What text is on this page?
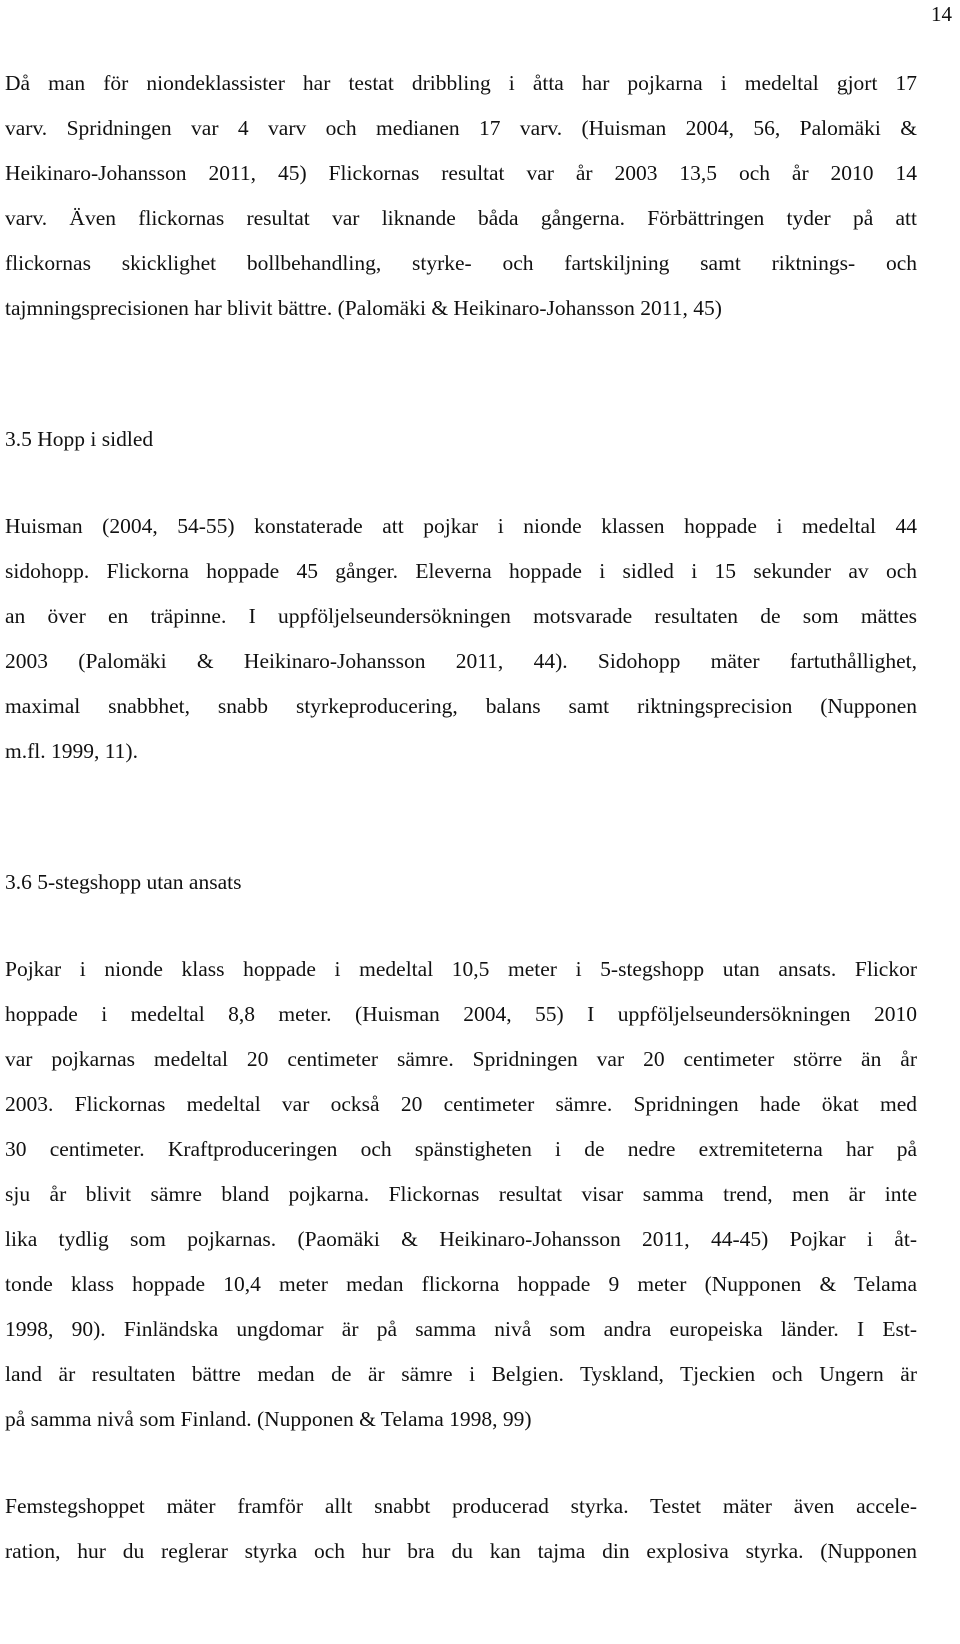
14
Då man för niondeklassister har testat dribbling i åtta har pojkarna i medeltal gjort 17
varv. Spridningen var 4 varv och medianen 17 varv. (Huisman 2004, 56, Palomäki &
Heikinaro-Johansson 2011, 45) Flickornas resultat var år 2003 13,5 och år 2010 14
varv. Även flickornas resultat var liknande båda gångerna. Förbättringen tyder på att
flickornas skicklighet bollbehandling, styrke- och fartskiljning samt riktnings- och
tajmningsprecisionen har blivit bättre. (Palomäki & Heikinaro-Johansson 2011, 45)
3.5 Hopp i sidled
Huisman (2004, 54-55) konstaterade att pojkar i nionde klassen hoppade i medeltal 44
sidohopp. Flickorna hoppade 45 gånger. Eleverna hoppade i sidled i 15 sekunder av och
an över en träpinne. I uppföljelseundersökningen motsvarade resultaten de som mättes
2003 (Palomäki & Heikinaro-Johansson 2011, 44). Sidohopp mäter fartuthållighet,
maximal snabbhet, snabb styrkeproducering, balans samt riktningsprecision (Nupponen
m.fl. 1999, 11).
3.6 5-stegshopp utan ansats
Pojkar i nionde klass hoppade i medeltal 10,5 meter i 5-stegshopp utan ansats. Flickor
hoppade i medeltal 8,8 meter. (Huisman 2004, 55) I uppföljelseundersökningen 2010
var pojkarnas medeltal 20 centimeter sämre. Spridningen var 20 centimeter större än år
2003. Flickornas medeltal var också 20 centimeter sämre. Spridningen hade ökat med
30 centimeter. Kraftproduceringen och spänstigheten i de nedre extremiteterna har på
sju år blivit sämre bland pojkarna. Flickornas resultat visar samma trend, men är inte
lika tydlig som pojkarnas. (Paomäki & Heikinaro-Johansson 2011, 44-45) Pojkar i åt-
tonde klass hoppade 10,4 meter medan flickorna hoppade 9 meter (Nupponen & Telama
1998, 90). Finländska ungdomar är på samma nivå som andra europeiska länder. I Est-
land är resultaten bättre medan de är sämre i Belgien. Tyskland, Tjeckien och Ungern är
på samma nivå som Finland. (Nupponen & Telama 1998, 99)
Femstegshoppet mäter framför allt snabbt producerad styrka. Testet mäter även accele-
ration, hur du reglerar styrka och hur bra du kan tajma din explosiva styrka. (Nupponen
